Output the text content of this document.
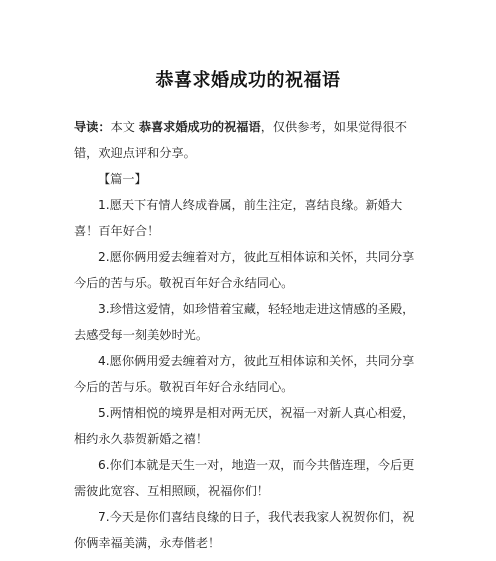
恭喜求婚成功的祝福语

导读：本文 恭喜求婚成功的祝福语，仅供参考，如果觉得很不错，欢迎点评和分享。

【篇一】

1.愿天下有情人终成眷属，前生注定，喜结良缘。新婚大喜！百年好合！

2.愿你俩用爱去缠着对方，彼此互相体谅和关怀，共同分享今后的苦与乐。敬祝百年好合永结同心。

3.珍惜这爱情，如珍惜着宝藏，轻轻地走进这情感的圣殿，去感受每一刻美妙时光。

4.愿你俩用爱去缠着对方，彼此互相体谅和关怀，共同分享今后的苦与乐。敬祝百年好合永结同心。

5.两情相悦的境界是相对两无厌，祝福一对新人真心相爱，相约永久恭贺新婚之禧！

6.你们本就是天生一对，地造一双，而今共偕连理，今后更需彼此宽容、互相照顾，祝福你们！

7.今天是你们喜结良缘的日子，我代表我家人祝贺你们，祝你俩幸福美满，永寿偕老！
